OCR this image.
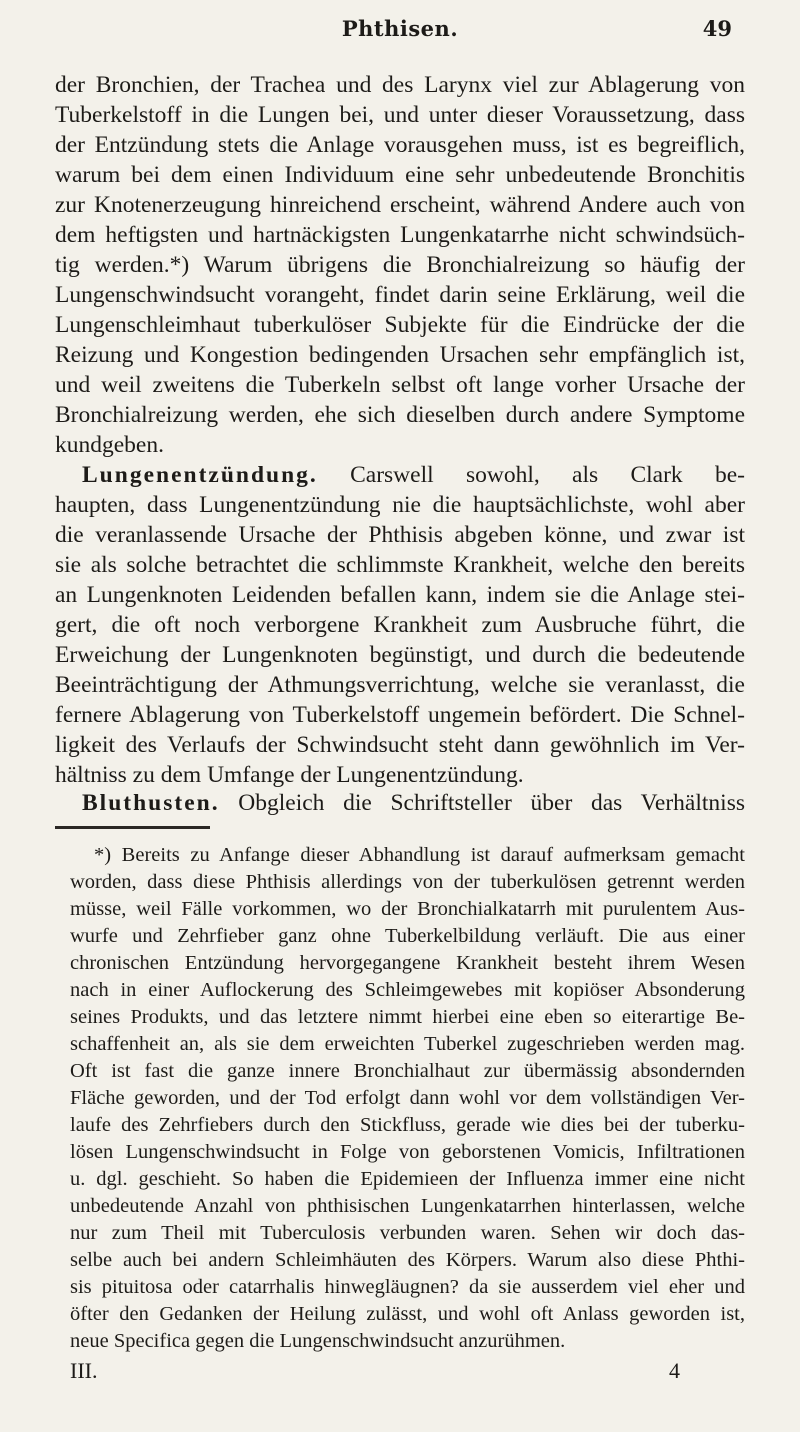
Phthisen.	49
der Bronchien, der Trachea und des Larynx viel zur Ablagerung von
Tuberkelstoff in die Lungen bei, und unter dieser Voraussetzung, dass
der Entzündung stets die Anlage vorausgehen muss, ist es begreiflich,
warum bei dem einen Individuum eine sehr unbedeutende Bronchitis
zur Knotenerzeugung hinreichend erscheint, während Andere auch von
dem heftigsten und hartnäckigsten Lungenkatarrhe nicht schwindsüch-
tig werden.*) Warum übrigens die Bronchialreizung so häufig der
Lungenschwindsucht vorangeht, findet darin seine Erklärung, weil die
Lungenschleimhaut tuberkulöser Subjekte für die Eindrücke der die
Reizung und Kongestion bedingenden Ursachen sehr empfänglich ist,
und weil zweitens die Tuberkeln selbst oft lange vorher Ursache der
Bronchialreizung werden, ehe sich dieselben durch andere Symptome
kundgeben.
Lungenentzündung. Carswell sowohl, als Clark be-
haupten, dass Lungenentzündung nie die hauptsächlichste, wohl aber
die veranlassende Ursache der Phthisis abgeben könne, und zwar ist
sie als solche betrachtet die schlimmste Krankheit, welche den bereits
an Lungenknoten Leidenden befallen kann, indem sie die Anlage stei-
gert, die oft noch verborgene Krankheit zum Ausbruche führt, die
Erweichung der Lungenknoten begünstigt, und durch die bedeutende
Beeinträchtigung der Athmungsverrichtung, welche sie veranlasst, die
fernere Ablagerung von Tuberkelstoff ungemein befördert. Die Schnel-
ligkeit des Verlaufs der Schwindsucht steht dann gewöhnlich im Ver-
hältniss zu dem Umfange der Lungenentzündung.
Bluthusten. Obgleich die Schriftsteller über das Verhältniss
*) Bereits zu Anfange dieser Abhandlung ist darauf aufmerksam gemacht
worden, dass diese Phthisis allerdings von der tuberkulösen getrennt werden
müsse, weil Fälle vorkommen, wo der Bronchialkatarrh mit purulentem Aus-
wurfe und Zehrfieber ganz ohne Tuberkelbildung verläuft. Die aus einer
chronischen Entzündung hervorgegangene Krankheit besteht ihrem Wesen
nach in einer Auflockerung des Schleimgewebes mit kopiöser Absonderung
seines Produkts, und das letztere nimmt hierbei eine eben so eiterartige Be-
schaffenheit an, als sie dem erweichten Tuberkel zugeschrieben werden mag.
Oft ist fast die ganze innere Bronchialhaut zur übermässig absondernden
Fläche geworden, und der Tod erfolgt dann wohl vor dem vollständigen Ver-
laufe des Zehrfiebers durch den Stickfluss, gerade wie dies bei der tuberku-
lösen Lungenschwindsucht in Folge von geborstenen Vomicis, Infiltrationen
u. dgl. geschieht. So haben die Epidemieen der Influenza immer eine nicht
unbedeutende Anzahl von phthisischen Lungenkatarrhen hinterlassen, welche
nur zum Theil mit Tuberculosis verbunden waren. Sehen wir doch das-
selbe auch bei andern Schleimhäuten des Körpers. Warum also diese Phthi-
sis pituitosa oder catarrhalis hinwegläugnen? da sie ausserdem viel eher und
öfter den Gedanken der Heilung zulässt, und wohl oft Anlass geworden ist,
neue Specifica gegen die Lungenschwindsucht anzurühmen.
III.	4
